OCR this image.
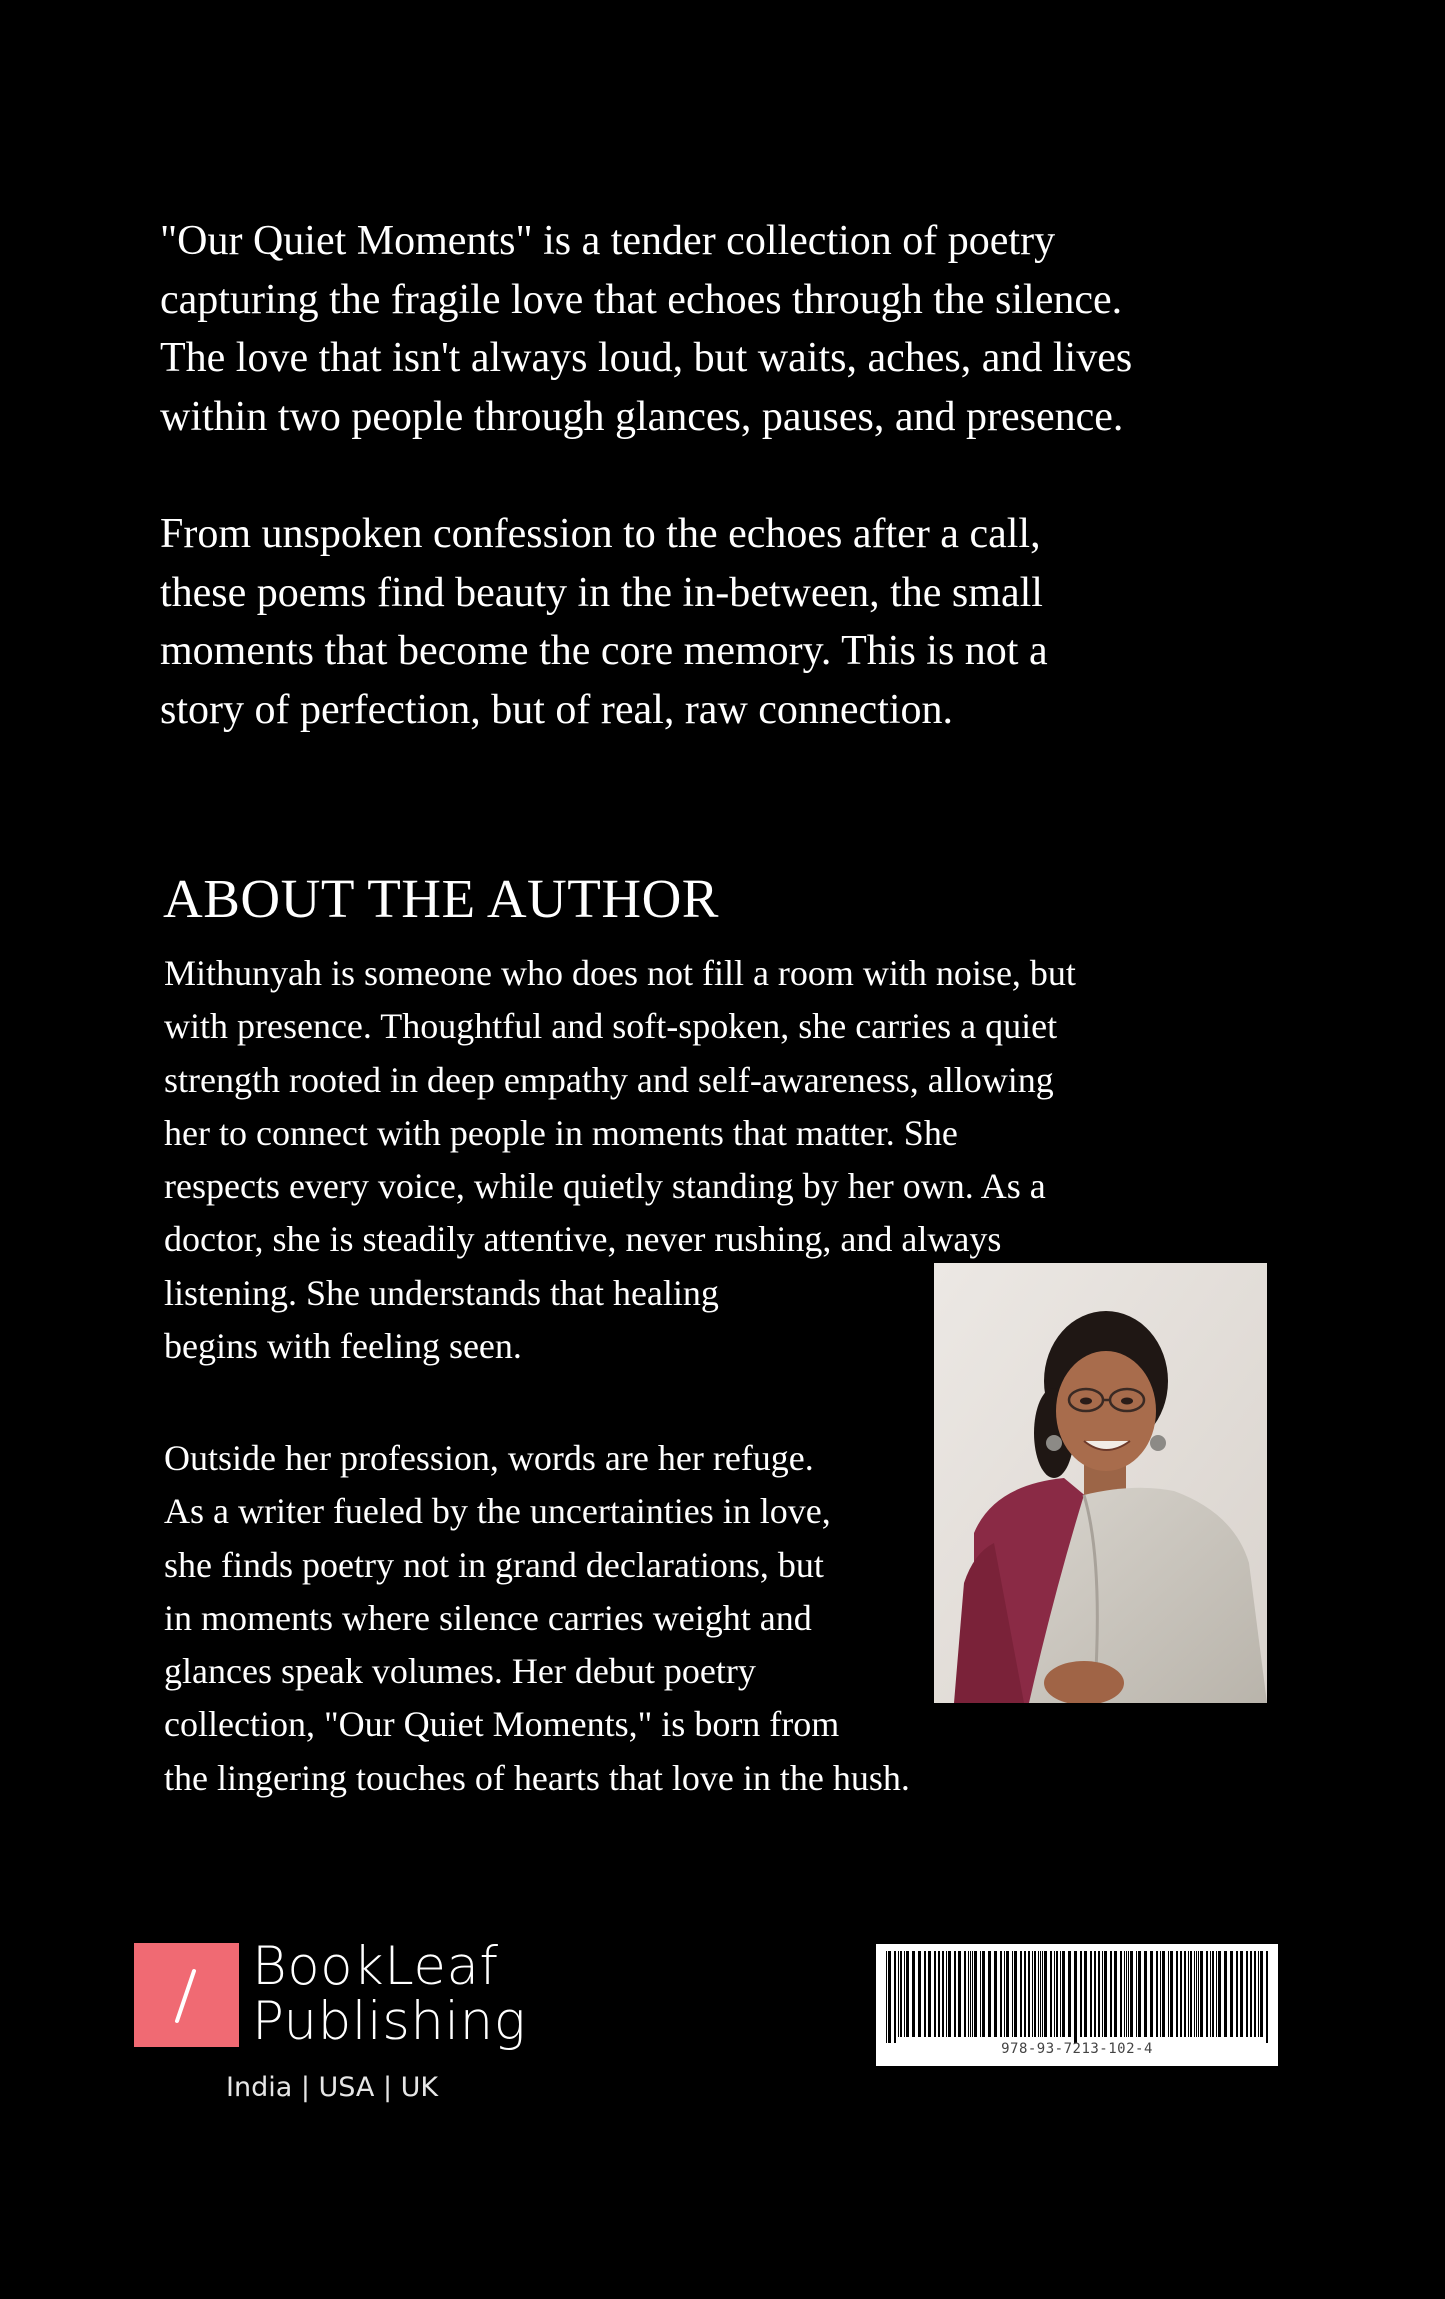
"Our Quiet Moments" is a tender collection of poetry
capturing the fragile love that echoes through the silence.
The love that isn't always loud, but waits, aches, and lives
within two people through glances, pauses, and presence.
From unspoken confession to the echoes after a call,
these poems find beauty in the in-between, the small
moments that become the core memory. This is not a
story of perfection, but of real, raw connection.
ABOUT THE AUTHOR
Mithunyah is someone who does not fill a room with noise, but
with presence. Thoughtful and soft-spoken, she carries a quiet
strength rooted in deep empathy and self-awareness, allowing
her to connect with people in moments that matter. She
respects every voice, while quietly standing by her own. As a
doctor, she is steadily attentive, never rushing, and always
listening. She understands that healing
begins with feeling seen.
Outside her profession, words are her refuge.
As a writer fueled by the uncertainties in love,
she finds poetry not in grand declarations, but
in moments where silence carries weight and
glances speak volumes. Her debut poetry
collection, "Our Quiet Moments," is born from
the lingering touches of hearts that love in the hush.
BookLeaf
Publishing
India | USA | UK
978-93-7213-102-4
